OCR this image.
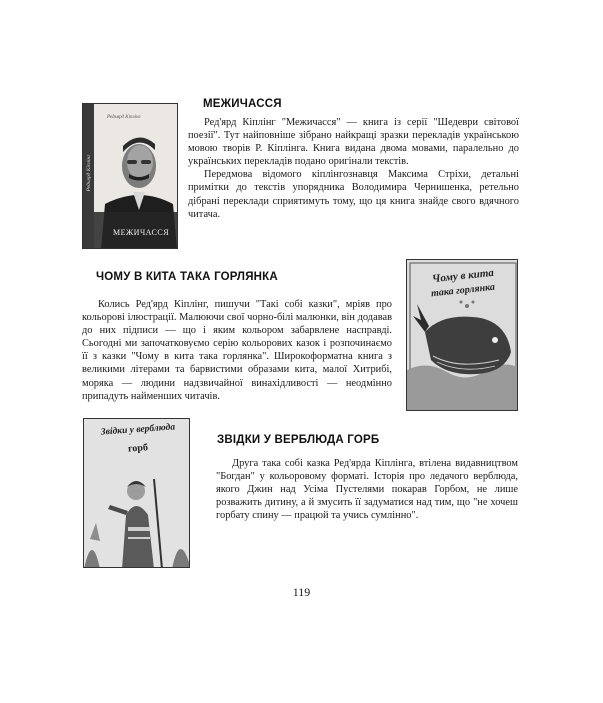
Редьярд Кіплінг
Редьярд Кіплінг
МЕЖИЧАССЯ
МЕЖИЧАССЯ

Ред'ярд Кіплінг "Межичасся" — книга із серії "Шедеври світової поезії". Тут найповніше зібрано найкращі зразки перекладів українською мовою творів Р. Кіплінга. Книга видана двома мовами, паралельно до українських перекладів подано оригінали текстів.

Передмова відомого кіплінгознавця Максима Стріхи, детальні примітки до текстів упорядника Володимира Чернишенка, ретельно дібрані переклади сприятимуть тому, що ця книга знайде свого вдячного читача.

ЧОМУ В КИТА ТАКА ГОРЛЯНКА

Колись Ред'ярд Кіплінг, пишучи "Такі собі казки", мріяв про кольорові ілюстрації. Малюючи свої чорно-білі малюнки, він додавав до них підписи — що і яким кольором забарвлене насправді. Сьогодні ми започатковуємо серію кольорових казок і розпочинаємо її з казки "Чому в кита така горлянка". Широкоформатна книга з великими літерами та барвистими образами кита, малої Хитрибі, моряка — людини надзвичайної винахідливості — неодмінно припадуть найменших читачів.

Чому в кита
така горлянка
Звідки у верблюда
горб
ЗВІДКИ У ВЕРБЛЮДА ГОРБ

Друга така собі казка Ред'ярда Кіплінга, втілена видавництвом "Богдан" у кольоровому форматі. Історія про ледачого верблюда, якого Джин над Усіма Пустелями покарав Горбом, не лише розважить дитину, а й змусить її задуматися над тим, що "не хочеш горбату спину — працюй та учись сумлінно".

119
